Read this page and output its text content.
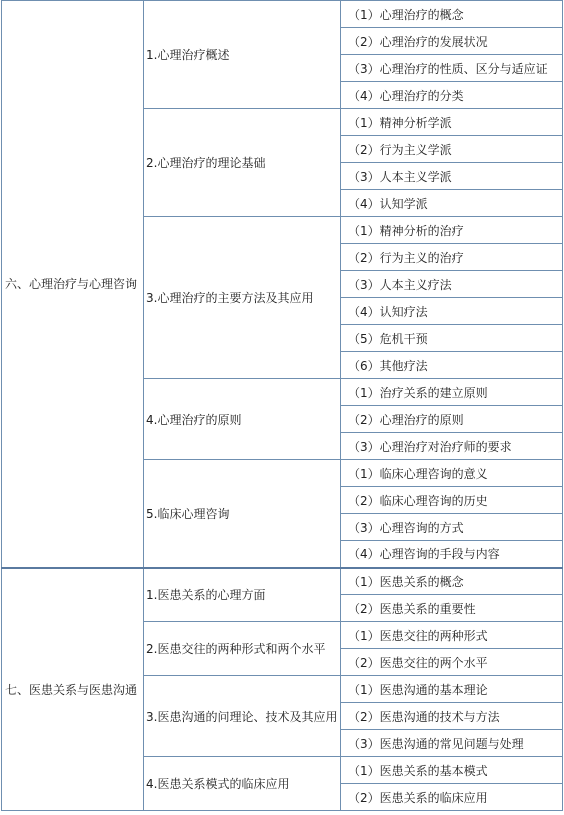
六、心理治疗与心理咨询	1.心理治疗概述	（1）心理治疗的概念
		（2）心理治疗的发展状况
		（3）心理治疗的性质、区分与适应证
		（4）心理治疗的分类
	2.心理治疗的理论基础	（1）精神分析学派
		（2）行为主义学派
		（3）人本主义学派
		（4）认知学派
	3.心理治疗的主要方法及其应用	（1）精神分析的治疗
		（2）行为主义的治疗
		（3）人本主义疗法
		（4）认知疗法
		（5）危机干预
		（6）其他疗法
	4.心理治疗的原则	（1）治疗关系的建立原则
		（2）心理治疗的原则
		（3）心理治疗对治疗师的要求
	5.临床心理咨询	（1）临床心理咨询的意义
		（2）临床心理咨询的历史
		（3）心理咨询的方式
		（4）心理咨询的手段与内容
七、医患关系与医患沟通	1.医患关系的心理方面	（1）医患关系的概念
		（2）医患关系的重要性
	2.医患交往的两种形式和两个水平	（1）医患交往的两种形式
		（2）医患交往的两个水平
	3.医患沟通的问理论、技术及其应用	（1）医患沟通的基本理论
		（2）医患沟通的技术与方法
		（3）医患沟通的常见问题与处理
	4.医患关系模式的临床应用	（1）医患关系的基本模式
		（2）医患关系的临床应用
